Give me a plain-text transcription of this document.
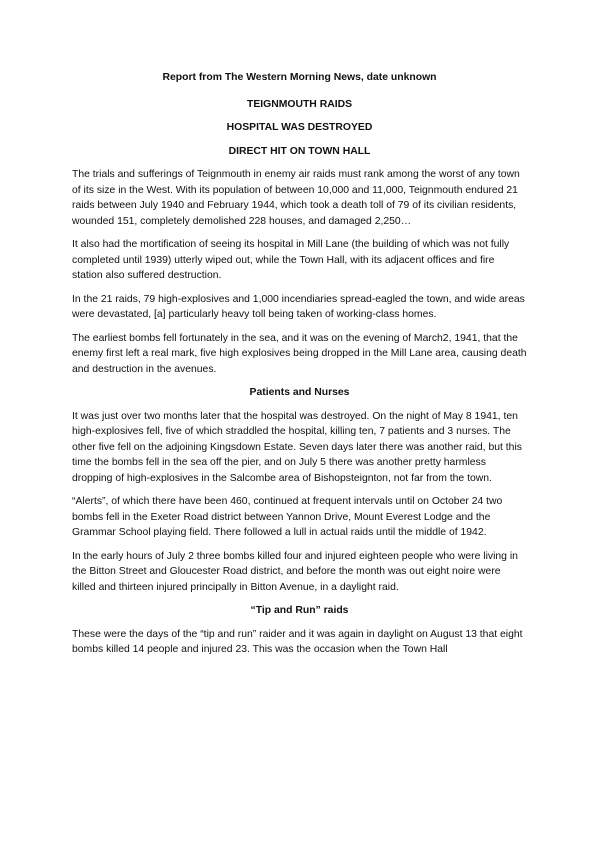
Report from The Western Morning News, date unknown

TEIGNMOUTH RAIDS

HOSPITAL WAS DESTROYED

DIRECT HIT ON TOWN HALL

The trials and sufferings of Teignmouth in enemy air raids must rank among the worst of any town of its size in the West. With its population of between 10,000 and 11,000, Teignmouth endured 21 raids between July 1940 and February 1944, which took a death toll of 79 of its civilian residents, wounded 151, completely demolished 228 houses, and damaged 2,250…

It also had the mortification of seeing its hospital in Mill Lane (the building of which was not fully completed until 1939) utterly wiped out, while the Town Hall, with its adjacent offices and fire station also suffered destruction.

In the 21 raids, 79 high-explosives and 1,000 incendiaries spread-eagled the town, and wide areas were devastated, [a] particularly heavy toll being taken of working-class homes.

The earliest bombs fell fortunately in the sea, and it was on the evening of March2, 1941, that the enemy first left a real mark, five high explosives being dropped in the Mill Lane area, causing death and destruction in the avenues.

Patients and Nurses

It was just over two months later that the hospital was destroyed. On the night of May 8 1941, ten high-explosives fell, five of which straddled the hospital, killing ten, 7 patients and 3 nurses. The other five fell on the adjoining Kingsdown Estate. Seven days later there was another raid, but this time the bombs fell in the sea off the pier, and on July 5 there was another pretty harmless dropping of high-explosives in the Salcombe area of Bishopsteignton, not far from the town.

“Alerts”, of which there have been 460, continued at frequent intervals until on October 24 two bombs fell in the Exeter Road district between Yannon Drive, Mount Everest Lodge and the Grammar School playing field. There followed a lull in actual raids until the middle of 1942.

In the early hours of July 2 three bombs killed four and injured eighteen people who were living in the Bitton Street and Gloucester Road district, and before the month was out eight noire were killed and thirteen injured principally in Bitton Avenue, in a daylight raid.

“Tip and Run” raids

These were the days of the “tip and run” raider and it was again in daylight on August 13 that eight bombs killed 14 people and injured 23. This was the occasion when the Town Hall
